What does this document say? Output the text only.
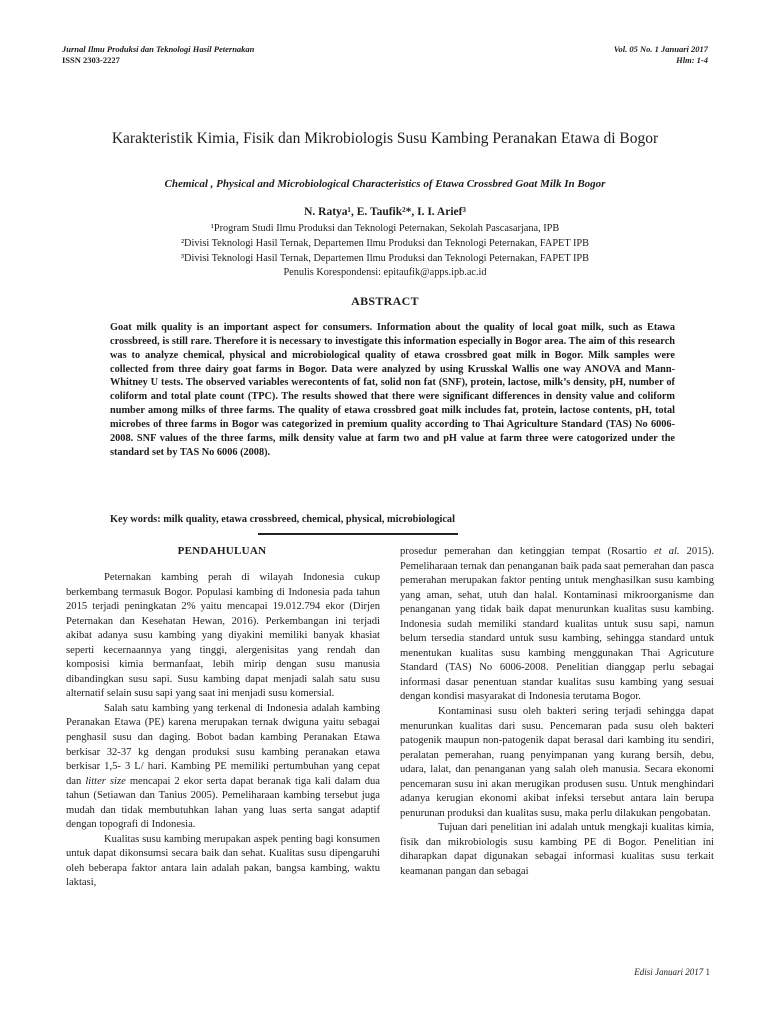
Jurnal Ilmu Produksi dan Teknologi Hasil Peternakan
ISSN 2303-2227
Vol. 05 No. 1 Januari 2017
Hlm: 1-4
Karakteristik Kimia, Fisik dan Mikrobiologis Susu Kambing Peranakan Etawa di Bogor
Chemical , Physical and Microbiological Characteristics of Etawa Crossbred Goat Milk In Bogor
N. Ratya¹, E. Taufik²*, I. I. Arief³
¹Program Studi Ilmu Produksi dan Teknologi Peternakan, Sekolah Pascasarjana, IPB
²Divisi Teknologi Hasil Ternak, Departemen Ilmu Produksi dan Teknologi Peternakan, FAPET IPB
³Divisi Teknologi Hasil Ternak, Departemen Ilmu Produksi dan Teknologi Peternakan, FAPET IPB
Penulis Korespondensi: epitaufik@apps.ipb.ac.id
ABSTRACT
Goat milk quality is an important aspect for consumers. Information about the quality of local goat milk, such as Etawa crossbreed, is still rare. Therefore it is necessary to investigate this information especially in Bogor area. The aim of this research was to analyze chemical, physical and microbiological quality of etawa crossbred goat milk in Bogor. Milk samples were collected from three dairy goat farms in Bogor. Data were analyzed by using Krusskal Wallis one way ANOVA and Mann-Whitney U tests. The observed variables werecontents of fat, solid non fat (SNF), protein, lactose, milk’s density, pH, number of coliform and total plate count (TPC). The results showed that there were significant differences in density value and coliform number among milks of three farms. The quality of etawa crossbred goat milk includes fat, protein, lactose contents, pH, total microbes of three farms in Bogor was categorized in premium quality according to Thai Agriculture Standard (TAS) No 6006-2008. SNF values of the three farms, milk density value at farm two and pH value at farm three were catogorized under the standard set by TAS No 6006 (2008).
Key words: milk quality, etawa crossbreed, chemical, physical, microbiological
PENDAHULUAN

Peternakan kambing perah di wilayah Indonesia cukup berkembang termasuk Bogor. Populasi kambing di Indonesia pada tahun 2015 terjadi peningkatan 2% yaitu mencapai 19.012.794 ekor (Dirjen Peternakan dan Kesehatan Hewan, 2016). Perkembangan ini terjadi akibat adanya susu kambing yang diyakini memiliki banyak khasiat seperti kecernaannya yang tinggi, alergenisitas yang rendah dan komposisi kimia bermanfaat, lebih mirip dengan susu manusia dibandingkan susu sapi. Susu kambing dapat menjadi salah satu susu alternatif selain susu sapi yang saat ini menjadi susu komersial.

Salah satu kambing yang terkenal di Indonesia adalah kambing Peranakan Etawa (PE) karena merupakan ternak dwiguna yaitu sebagai penghasil susu dan daging. Bobot badan kambing Peranakan Etawa berkisar 32-37 kg dengan produksi susu kambing peranakan etawa berkisar 1,5- 3 L/ hari. Kambing PE memiliki pertumbuhan yang cepat dan litter size mencapai 2 ekor serta dapat beranak tiga kali dalam dua tahun (Setiawan dan Tanius 2005). Pemeliharaan kambing tersebut juga mudah dan tidak membutuhkan lahan yang luas serta sangat adaptif dengan topografi di Indonesia.

Kualitas susu kambing merupakan aspek penting bagi konsumen untuk dapat dikonsumsi secara baik dan sehat. Kualitas susu dipengaruhi oleh beberapa faktor antara lain adalah pakan, bangsa kambing, waktu laktasi,

prosedur pemerahan dan ketinggian tempat (Rosartio et al. 2015). Pemeliharaan ternak dan penanganan baik pada saat pemerahan dan pasca pemerahan merupakan faktor penting untuk menghasilkan susu kambing yang aman, sehat, utuh dan halal. Kontaminasi mikroorganisme dan penanganan yang tidak baik dapat menurunkan kualitas susu kambing. Indonesia sudah memiliki standard kualitas untuk susu sapi, namun belum tersedia standard untuk susu kambing, sehingga standard untuk menentukan kualitas susu kambing menggunakan Thai Agricuture Standard (TAS) No 6006-2008. Penelitian dianggap perlu sebagai informasi dasar penentuan standar kualitas susu kambing yang sesuai dengan kondisi masyarakat di Indonesia terutama Bogor.

Kontaminasi susu oleh bakteri sering terjadi sehingga dapat menurunkan kualitas dari susu. Pencemaran pada susu oleh bakteri patogenik maupun non-patogenik dapat berasal dari kambing itu sendiri, peralatan pemerahan, ruang penyimpanan yang kurang bersih, debu, udara, lalat, dan penanganan yang salah oleh manusia. Secara ekonomi pencemaran susu ini akan merugikan produsen susu. Untuk menghindari adanya kerugian ekonomi akibat infeksi tersebut antara lain berupa penurunan produksi dan kualitas susu, maka perlu dilakukan pengobatan.

Tujuan dari penelitian ini adalah untuk mengkaji kualitas kimia, fisik dan mikrobiologis susu kambing PE di Bogor. Penelitian ini diharapkan dapat digunakan sebagai informasi kualitas susu terkait keamanan pangan dan sebagai

Edisi Januari 2017 1
